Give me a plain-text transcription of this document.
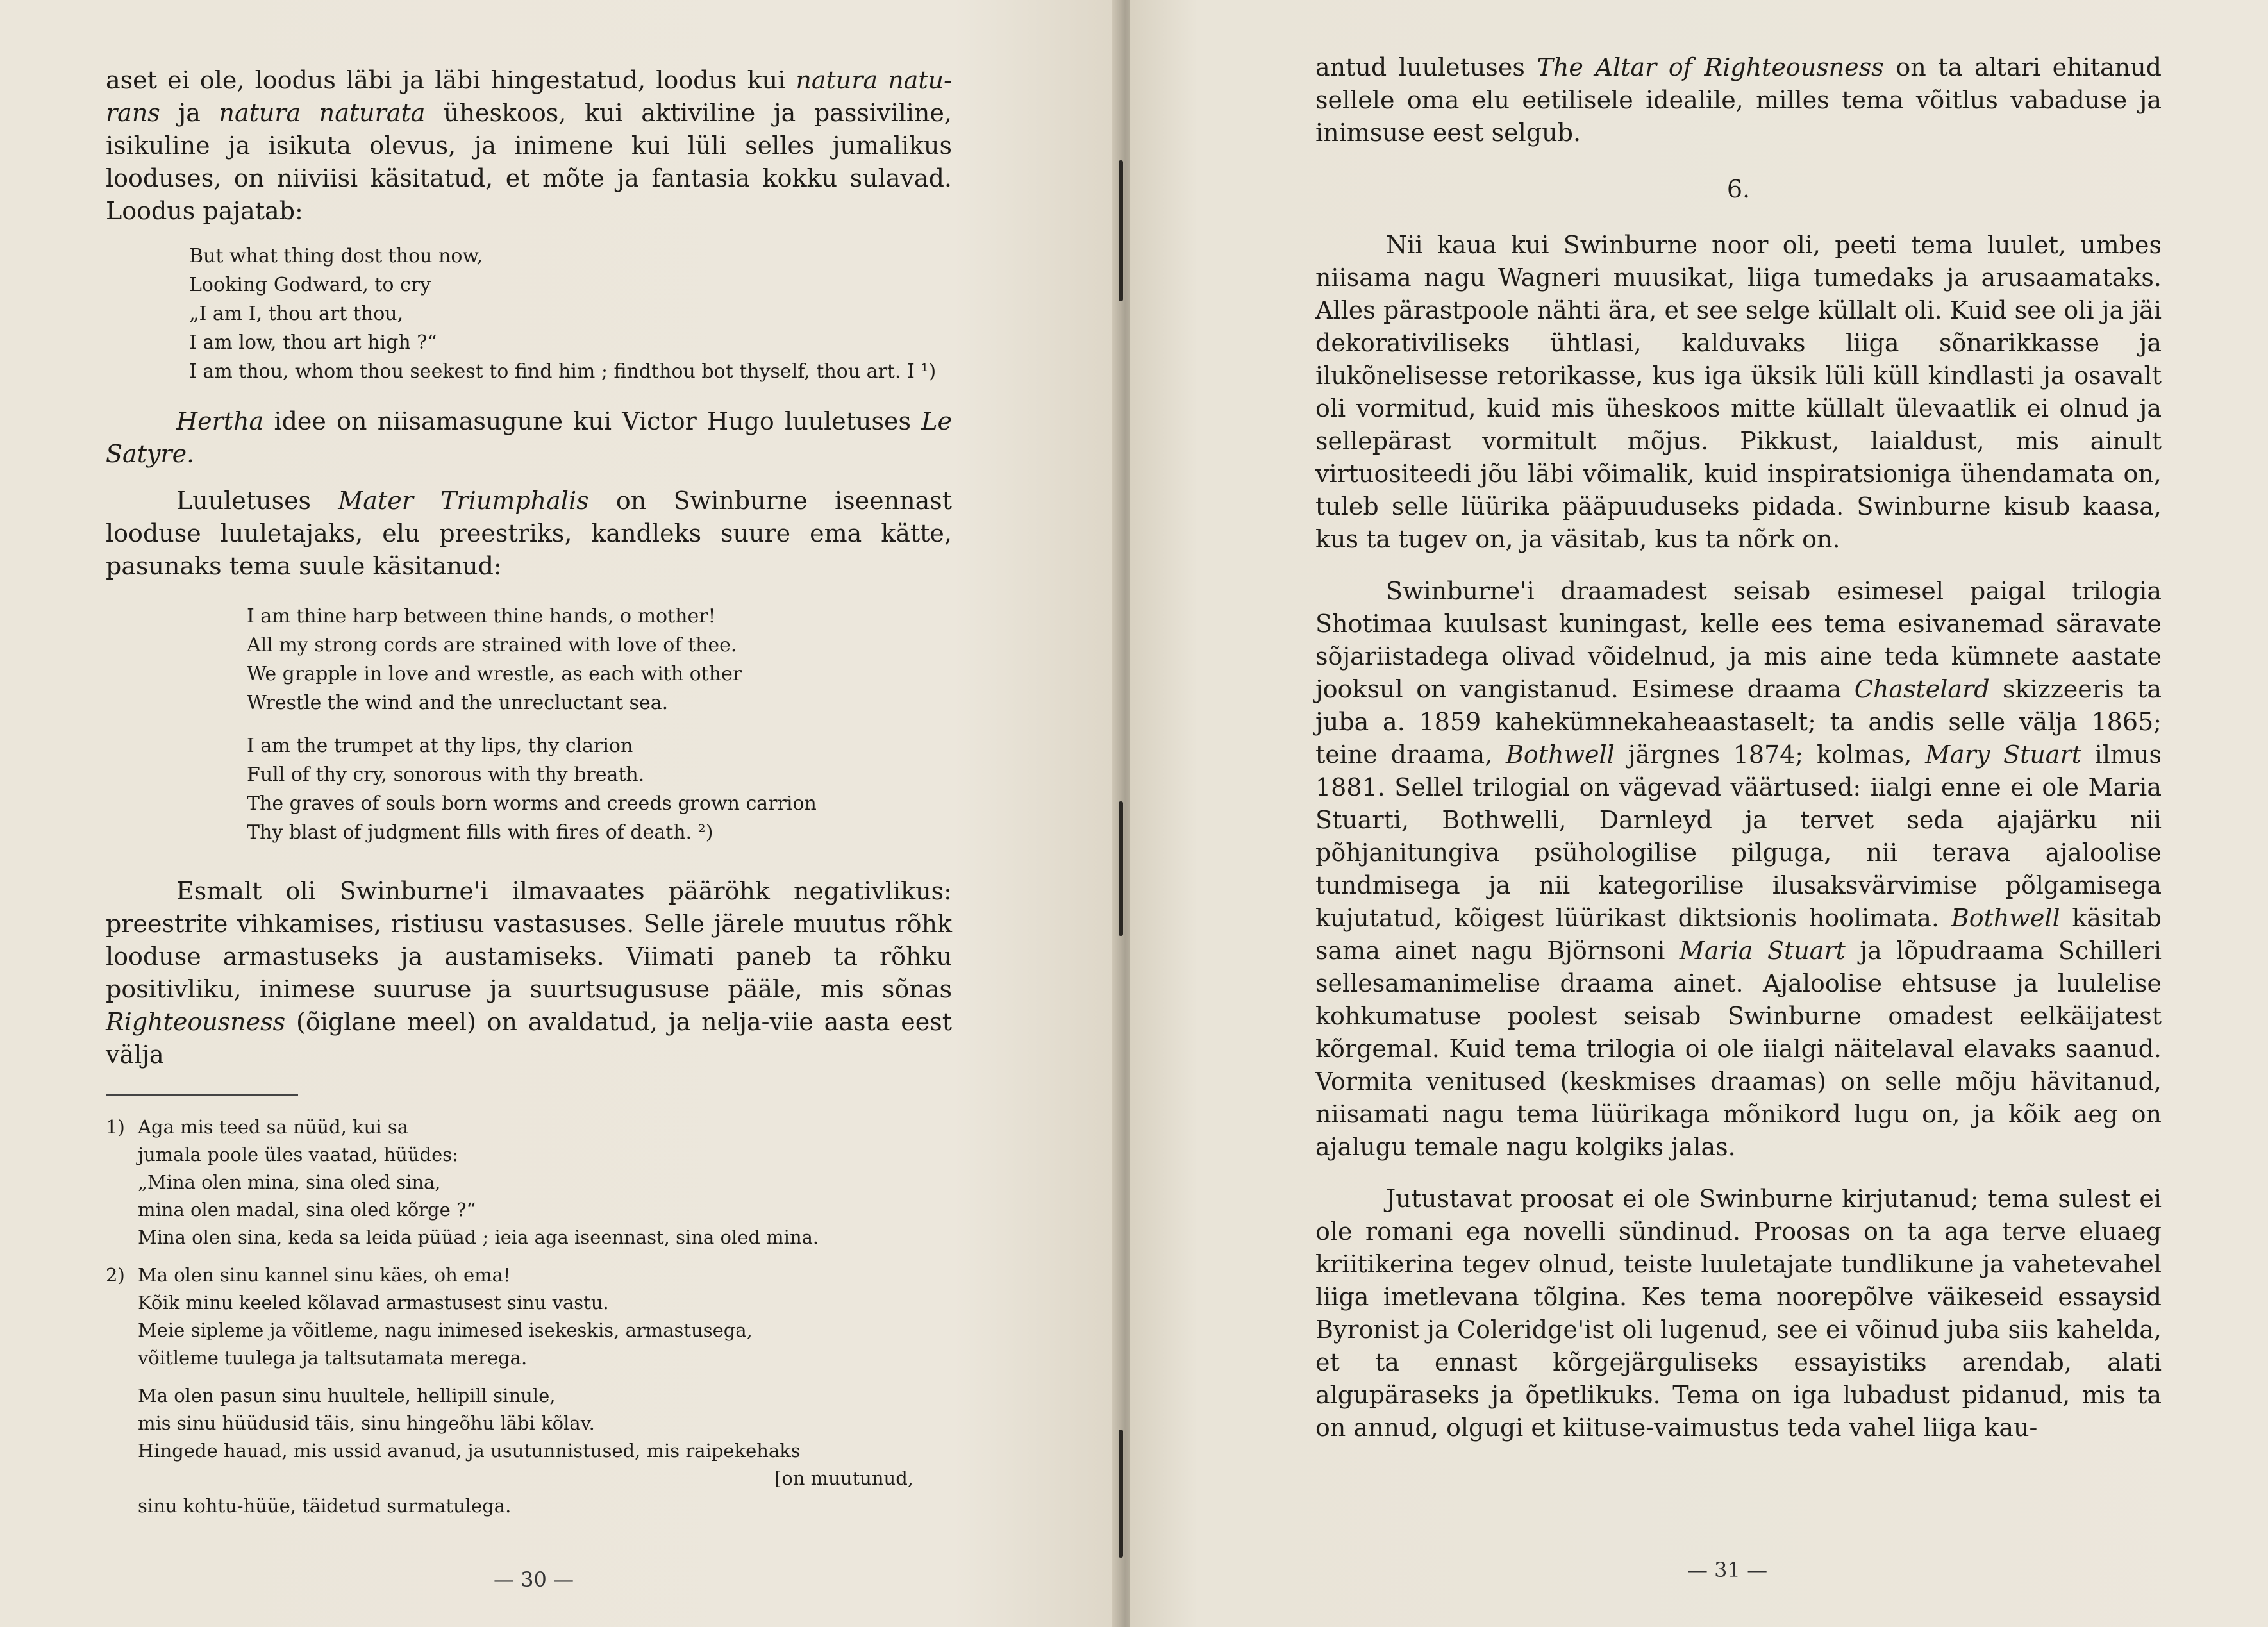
aset ei ole, loodus läbi ja läbi hingestatud, loodus kui natura natu-rans ja natura naturata üheskoos, kui aktiviline ja passiviline, isikuline ja isikuta olevus, ja inimene kui lüli selles jumalikus looduses, on niiviisi käsitatud, et mõte ja fantasia kokku sulavad. Loodus pajatab:

But what thing dost thou now,
Looking Godward, to cry
„I am I, thou art thou,
I am low, thou art high ?“
I am thou, whom thou seekest to find him ; findthou bot thyself, thou art. I ¹)

Hertha idee on niisamasugune kui Victor Hugo luuletuses Le Satyre.

Luuletuses Mater Triumphalis on Swinburne iseennast looduse luuletajaks, elu preestriks, kandleks suure ema kätte, pasunaks tema suule käsitanud:

I am thine harp between thine hands, o mother!
All my strong cords are strained with love of thee.
We grapple in love and wrestle, as each with other
Wrestle the wind and the unrecluctant sea.
I am the trumpet at thy lips, thy clarion
Full of thy cry, sonorous with thy breath.
The graves of souls born worms and creeds grown carrion
Thy blast of judgment fills with fires of death. ²)

Esmalt oli Swinburne'i ilmavaates pääröhk negativlikus: preestrite vihkamises, ristiusu vastasuses. Selle järele muutus rõhk looduse armastuseks ja austamiseks. Viimati paneb ta rõhku positivliku, inimese suuruse ja suurtsugususe pääle, mis sõnas Righteousness (õiglane meel) on avaldatud, ja nelja-viie aasta eest välja

1) Aga mis teed sa nüüd, kui sa
jumala poole üles vaatad, hüüdes:
„Mina olen mina, sina oled sina,
mina olen madal, sina oled kõrge ?“
Mina olen sina, keda sa leida püüad ; ieia aga iseennast, sina oled mina.
2) Ma olen sinu kannel sinu käes, oh ema!
Kõik minu keeled kõlavad armastusest sinu vastu.
Meie sipleme ja võitleme, nagu inimesed isekeskis, armastusega,
võitleme tuulega ja taltsutamata merega.
Ma olen pasun sinu huultele, hellipill sinule,
mis sinu hüüdusid täis, sinu hingeõhu läbi kõlav.
Hingede hauad, mis ussid avanud, ja usutunnistused, mis raipekehaks
[on muutunud,
sinu kohtu-hüüe, täidetud surmatulega.
— 30 —

antud luuletuses The Altar of Righteousness on ta altari ehitanud sellele oma elu eetilisele idealile, milles tema võitlus vabaduse ja inimsuse eest selgub.

6.

Nii kaua kui Swinburne noor oli, peeti tema luulet, umbes niisama nagu Wagneri muusikat, liiga tumedaks ja arusaamataks. Alles pärastpoole nähti ära, et see selge küllalt oli. Kuid see oli ja jäi dekorativiliseks ühtlasi, kalduvaks liiga sõnarikkasse ja ilukõnelisesse retorikasse, kus iga üksik lüli küll kindlasti ja osavalt oli vormitud, kuid mis üheskoos mitte küllalt ülevaatlik ei olnud ja sellepärast vormitult mõjus. Pikkust, laialdust, mis ainult virtuositeedi jõu läbi võimalik, kuid inspiratsioniga ühendamata on, tuleb selle lüürika pääpuuduseks pidada. Swinburne kisub kaasa, kus ta tugev on, ja väsitab, kus ta nõrk on.

Swinburne'i draamadest seisab esimesel paigal trilogia Shotimaa kuulsast kuningast, kelle ees tema esivanemad säravate sõjariistadega olivad võidelnud, ja mis aine teda kümnete aastate jooksul on vangistanud. Esimese draama Chastelard skizzeeris ta juba a. 1859 kahekümnekaheaastaselt; ta andis selle välja 1865; teine draama, Bothwell järgnes 1874; kolmas, Mary Stuart ilmus 1881. Sellel trilogial on vägevad väärtused: iialgi enne ei ole Maria Stuarti, Bothwelli, Darnleyd ja tervet seda ajajärku nii põhjanitungiva psühologilise pilguga, nii terava ajaloolise tundmisega ja nii kategorilise ilusaksvärvimise põlgamisega kujutatud, kõigest lüürikast diktsionis hoolimata. Bothwell käsitab sama ainet nagu Björnsoni Maria Stuart ja lõpudraama Schilleri sellesamanimelise draama ainet. Ajaloolise ehtsuse ja luulelise kohkumatuse poolest seisab Swinburne omadest eelkäijatest kõrgemal. Kuid tema trilogia oi ole iialgi näitelaval elavaks saanud. Vormita venitused (keskmises draamas) on selle mõju hävitanud, niisamati nagu tema lüürikaga mõnikord lugu on, ja kõik aeg on ajalugu temale nagu kolgiks jalas.

Jutustavat proosat ei ole Swinburne kirjutanud; tema sulest ei ole romani ega novelli sündinud. Proosas on ta aga terve eluaeg kriitikerina tegev olnud, teiste luuletajate tundlikune ja vahetevahel liiga imetlevana tõlgina. Kes tema noorepõlve väikeseid essaysid Byronist ja Coleridge'ist oli lugenud, see ei võinud juba siis kahelda, et ta ennast kõrgejärguliseks essayistiks arendab, alati algupäraseks ja õpetlikuks. Tema on iga lubadust pidanud, mis ta on annud, olgugi et kiituse-vaimustus teda vahel liiga kau-

— 31 —
